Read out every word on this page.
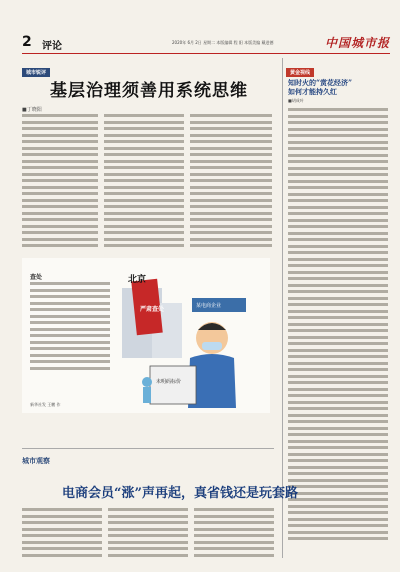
2 评论	2020年 6月 2日 星期二 本版编辑 程 阳 本版美编 戴进德	中国城市报
城市锐评
基层治理须善用系统思维
■丁晓阳
查处	北京
严肃查处	某电商企业
未明码标价
新华社发 王鹏 作
黄金视线
知时火的“赏花经济”
如何才能持久红
■胡成叶
城市观察
电商会员“涨”声再起，真省钱还是玩套路
